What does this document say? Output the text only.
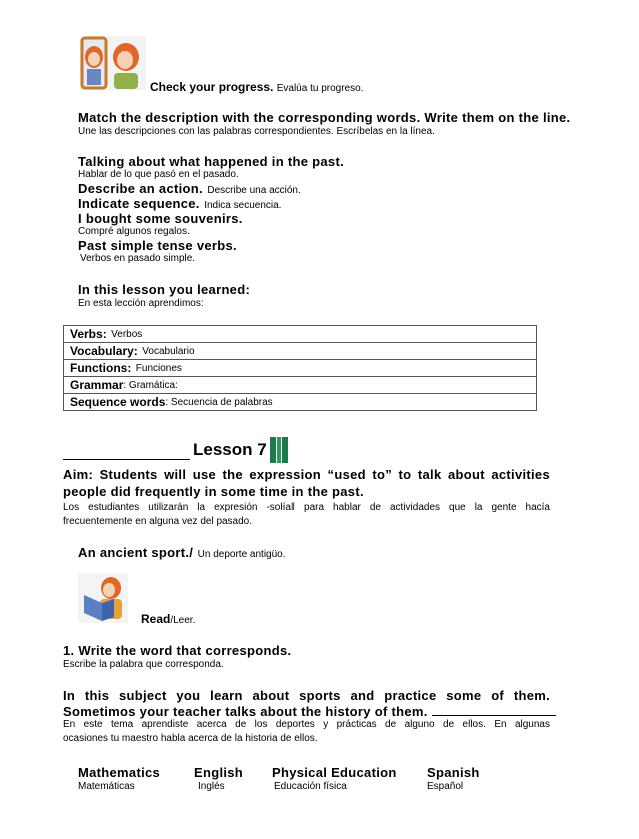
Check your progress. Evalúa tu progreso.
Match the description with the corresponding words. Write them on the line.
Une las descripciones con las palabras correspondientes. Escríbelas en la línea.
Talking about what happened in the past.
Hablar de lo que pasó en el pasado.
Describe an action. Describe una acción.
Indicate sequence. Indica secuencia.
I bought some souvenirs.
Compré algunos regalos.
Past simple tense verbs.
Verbos en pasado simple.
In this lesson you learned:
En esta lección aprendimos:
Verbs:
Verbos
Vocabulary:
Vocabulario
Functions:
Funciones
Grammar : Gramática:
Sequence words : Secuencia de palabras
Lesson 7
Aim: Students will use the expression “used to” to talk about activities
people did frequently in some time in the past.
Los estudiantes utilizarán la expresión -solía‖ para hablar de actividades que la gente hacía
frecuentemente en alguna vez del pasado.
An ancient sport./ Un deporte antigüo.
Read/Leer.
1. Write the word that corresponds.
Escribe la palabra que corresponda.
In this subject you learn about sports and practice some of them.
Sometimos your teacher talks about the history of them.
En este tema aprendiste acerca de los deportes y prácticas de alguno de ellos. En algunas
ocasiones tu maestro habla acerca de la historia de ellos.
Mathematics
Matemáticas
English
Inglés
Physical Education
Educación física
Spanish
Español
